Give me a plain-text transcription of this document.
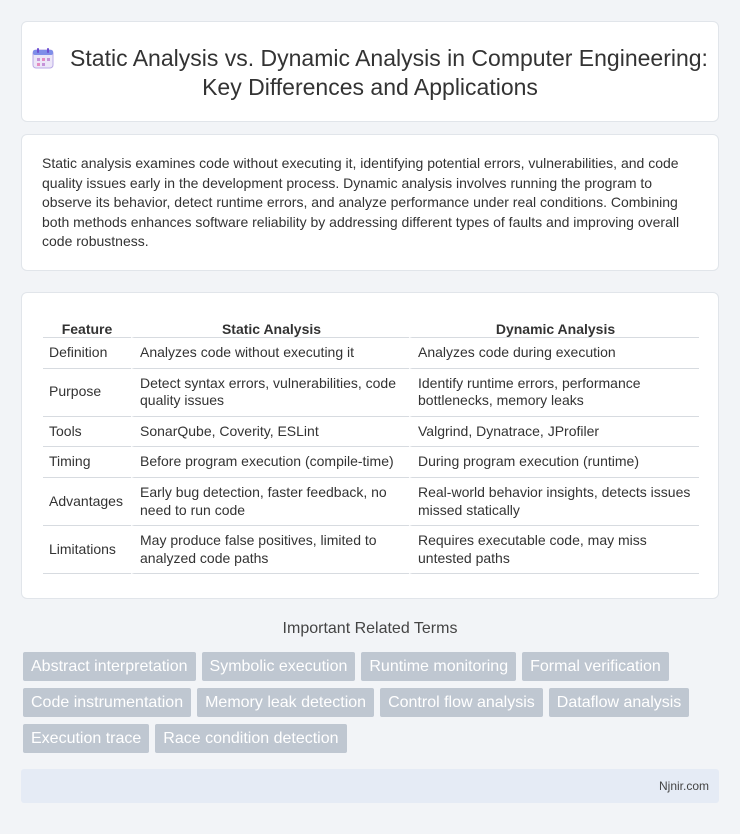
Static Analysis vs. Dynamic Analysis in Computer Engineering: Key Differences and Applications

Static analysis examines code without executing it, identifying potential errors, vulnerabilities, and code quality issues early in the development process. Dynamic analysis involves running the program to observe its behavior, detect runtime errors, and analyze performance under real conditions. Combining both methods enhances software reliability by addressing different types of faults and improving overall code robustness.

Feature	Static Analysis	Dynamic Analysis
Definition	Analyzes code without executing it	Analyzes code during execution
Purpose	Detect syntax errors, vulnerabilities, code quality issues	Identify runtime errors, performance bottlenecks, memory leaks
Tools	SonarQube, Coverity, ESLint	Valgrind, Dynatrace, JProfiler
Timing	Before program execution (compile-time)	During program execution (runtime)
Advantages	Early bug detection, faster feedback, no need to run code	Real-world behavior insights, detects issues missed statically
Limitations	May produce false positives, limited to analyzed code paths	Requires executable code, may miss untested paths
Important Related Terms
Abstract interpretation	Symbolic execution	Runtime monitoring	Formal verification
Code instrumentation	Memory leak detection	Control flow analysis	Dataflow analysis
Execution trace	Race condition detection
Njnir.com
